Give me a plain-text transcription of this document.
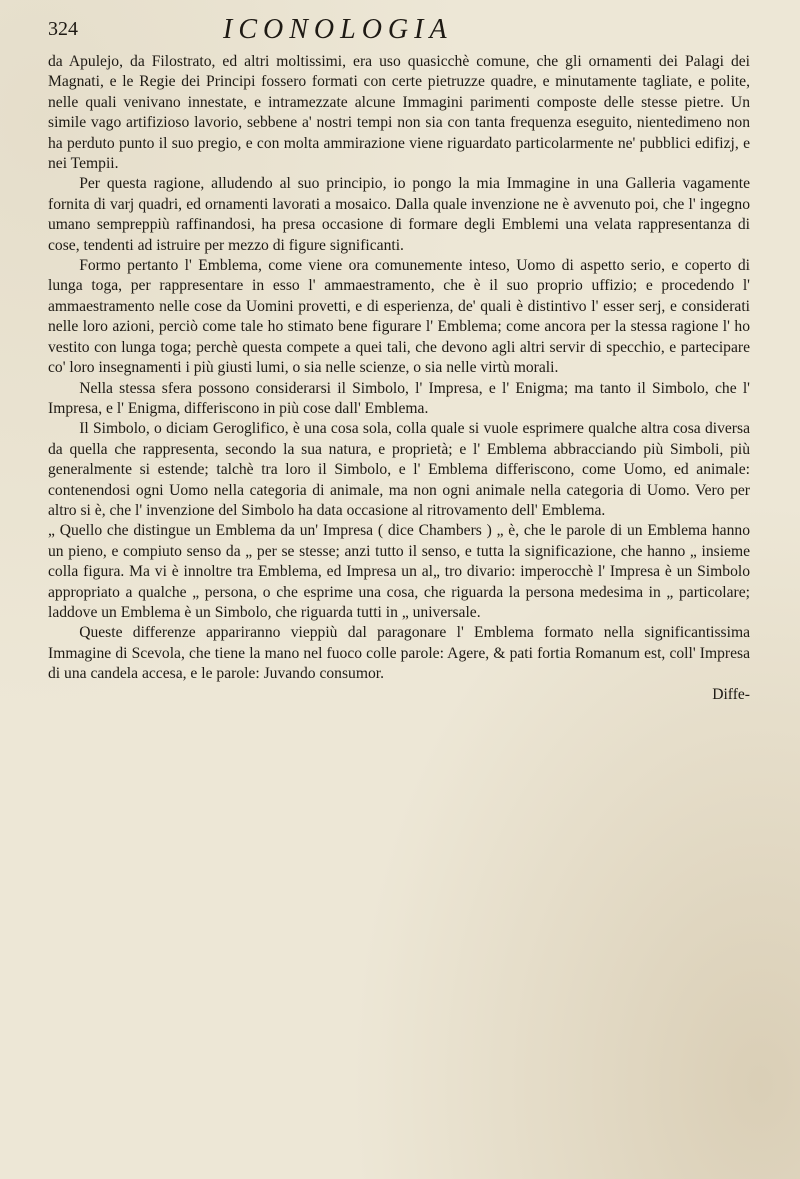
324	ICONOLOGIA

da Apulejo, da Filostrato, ed altri moltissimi, era uso quasicchè comune, che gli ornamenti dei Palagi dei Magnati, e le Regie dei Principi fossero formati con certe pietruzze quadre, e minutamente tagliate, e polite, nelle quali venivano innestate, e intramezzate alcune Immagini parimenti composte delle stesse pietre. Un simile vago artifizioso lavorio, sebbene a' nostri tempi non sia con tanta frequenza eseguito, nientedimeno non ha perduto punto il suo pregio, e con molta ammirazione viene riguardato particolarmente ne' pubblici edifizj, e nei Tempii.

Per questa ragione, alludendo al suo principio, io pongo la mia Immagine in una Galleria vagamente fornita di varj quadri, ed ornamenti lavorati a mosaico. Dalla quale invenzione ne è avvenuto poi, che l' ingegno umano sempreppiù raffinandosi, ha presa occasione di formare degli Emblemi una velata rappresentanza di cose, tendenti ad istruire per mezzo di figure significanti.

Formo pertanto l' Emblema, come viene ora comunemente inteso, Uomo di aspetto serio, e coperto di lunga toga, per rappresentare in esso l' ammaestramento, che è il suo proprio uffizio; e procedendo l' ammaestramento nelle cose da Uomini provetti, e di esperienza, de' quali è distintivo l' esser serj, e considerati nelle loro azioni, perciò come tale ho stimato bene figurare l' Emblema; come ancora per la stessa ragione l' ho vestito con lunga toga; perchè questa compete a quei tali, che devono agli altri servir di specchio, e partecipare co' loro insegnamenti i più giusti lumi, o sia nelle scienze, o sia nelle virtù morali.

Nella stessa sfera possono considerarsi il Simbolo, l' Impresa, e l' Enigma; ma tanto il Simbolo, che l' Impresa, e l' Enigma, differiscono in più cose dall' Emblema.

Il Simbolo, o diciam Geroglifico, è una cosa sola, colla quale si vuole esprimere qualche altra cosa diversa da quella che rappresenta, secondo la sua natura, e proprietà; e l' Emblema abbracciando più Simboli, più generalmente si estende; talchè tra loro il Simbolo, e l' Emblema differiscono, come Uomo, ed animale: contenendosi ogni Uomo nella categoria di animale, ma non ogni animale nella categoria di Uomo. Vero per altro si è, che l' invenzione del Simbolo ha data occasione al ritrovamento dell' Emblema.

„ Quello che distingue un Emblema da un' Impresa ( dice Chambers ) „ è, che le parole di un Emblema hanno un pieno, e compiuto senso da „ per se stesse; anzi tutto il senso, e tutta la significazione, che hanno „ insieme colla figura. Ma vi è innoltre tra Emblema, ed Impresa un al„ tro divario: imperocchè l' Impresa è un Simbolo appropriato a qualche „ persona, o che esprime una cosa, che riguarda la persona medesima in „ particolare; laddove un Emblema è un Simbolo, che riguarda tutti in „ universale.

Queste differenze appariranno vieppiù dal paragonare l' Emblema formato nella significantissima Immagine di Scevola, che tiene la mano nel fuoco colle parole: Agere, & pati fortia Romanum est, coll' Impresa di una candela accesa, e le parole: Juvando consumor.

Diffe-
